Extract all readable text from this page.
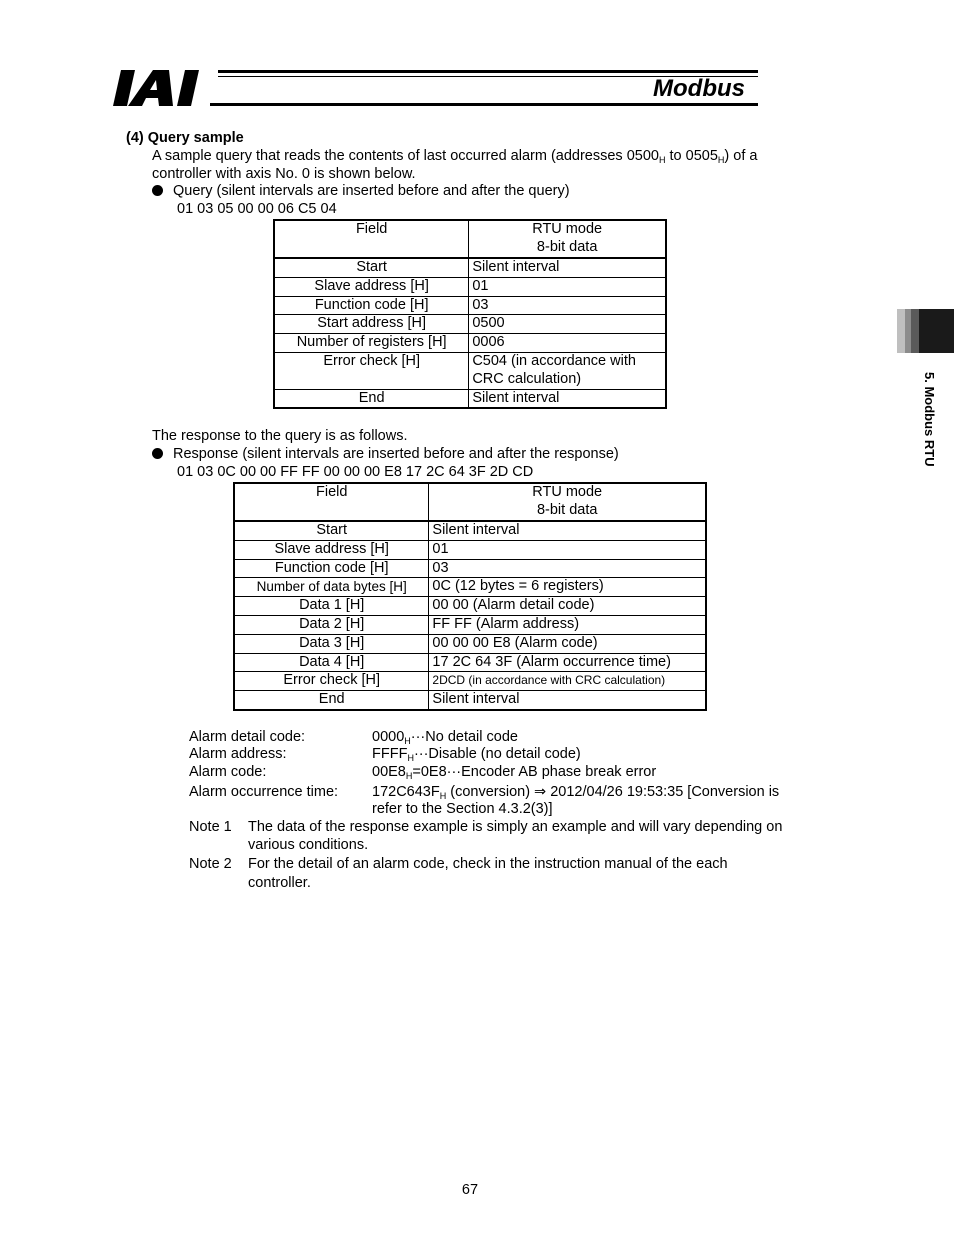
Modbus
5. Modbus RTU
(4) Query sample
A sample query that reads the contents of last occurred alarm (addresses $0500_H$ to $0505_H$) of a
controller with axis No. 0 is shown below.
Query (silent intervals are inserted before and after the query)
01 03 05 00 00 06 C5 04
Field	RTU mode
8-bit data

Start	Silent interval
Slave address [H]	01
Function code [H]	03
Start address [H]	0500
Number of registers [H]	0006
Error check [H]	C504 (in accordance with
CRC calculation)

End	Silent interval
The response to the query is as follows.
Response (silent intervals are inserted before and after the response)
01 03 0C 00 00 FF FF 00 00 00 E8 17 2C 64 3F 2D CD
Field	RTU mode
8-bit data

Start	Silent interval
Slave address [H]	01
Function code [H]	03
Number of data bytes [H]	0C (12 bytes = 6 registers)
Data 1 [H]	00 00 (Alarm detail code)
Data 2 [H]	FF FF (Alarm address)
Data 3 [H]	00 00 00 E8 (Alarm code)
Data 4 [H]	17 2C 64 3F (Alarm occurrence time)
Error check [H]	2DCD (in accordance with CRC calculation)
End	Silent interval
Alarm detail code:	$0000_H\cdot\cdot\cdot No$ detail code
Alarm address:	$FFFF_H\cdot\cdot\cdot Disable$ (no detail code)
Alarm code:	$00E8_H=0E8\cdot\cdot\cdot Encoder$ AB phase break error
Alarm occurrence time: $172C643F_H$ (conversion) ⇒ 2012/04/26 19:53:35 [Conversion is
refer to the Section 4.3.2(3)]
Note 1 The data of the response example is simply an example and will vary depending on
various conditions.
Note 2 For the detail of an alarm code, check in the instruction manual of the each
controller.
67
